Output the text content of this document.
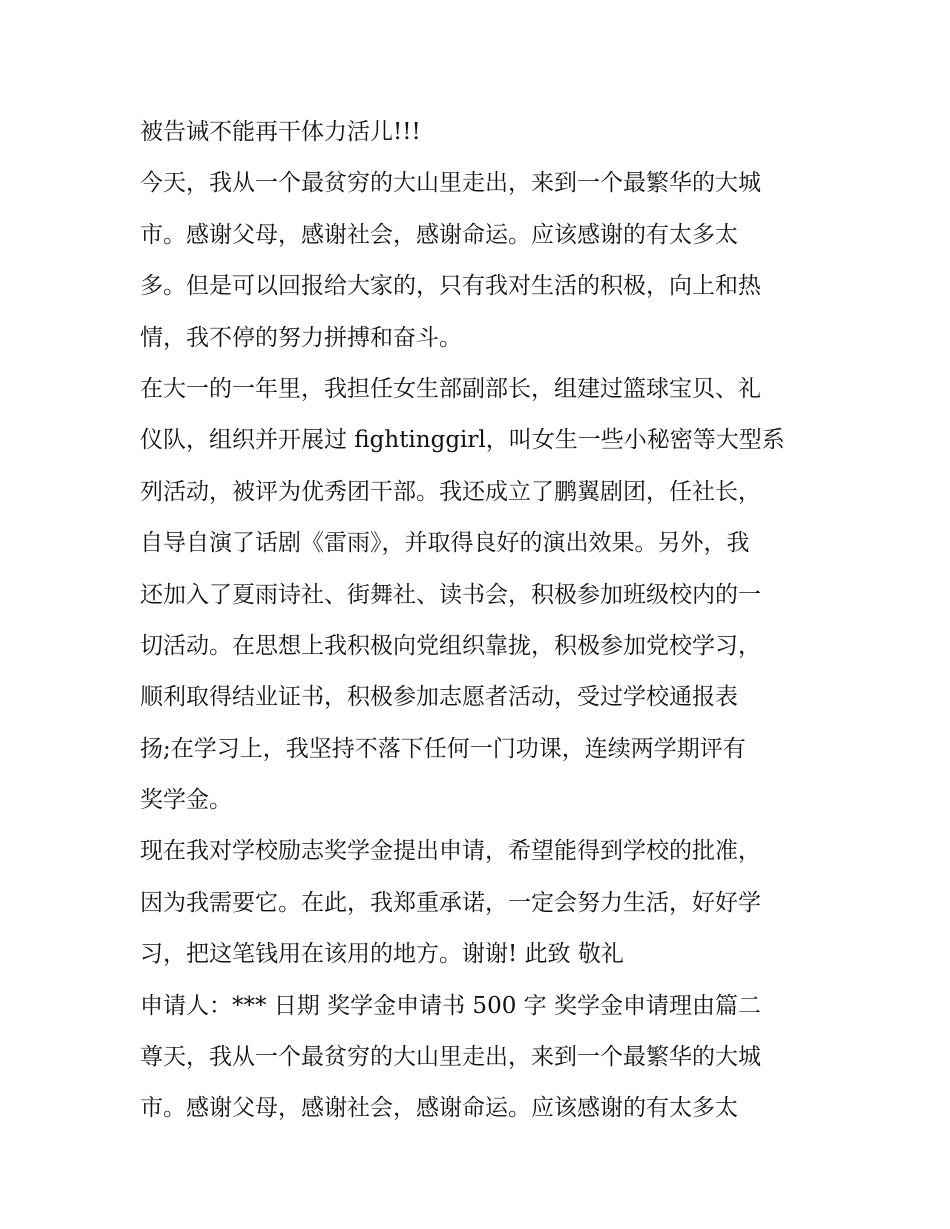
被告诫不能再干体力活儿!!!
今天，我从一个最贫穷的大山里走出，来到一个最繁华的大城
市。感谢父母，感谢社会，感谢命运。应该感谢的有太多太
多。但是可以回报给大家的，只有我对生活的积极，向上和热
情，我不停的努力拼搏和奋斗。
在大一的一年里，我担任女生部副部长，组建过篮球宝贝、礼
仪队，组织并开展过 fightinggirl，叫女生一些小秘密等大型系
列活动，被评为优秀团干部。我还成立了鹏翼剧团，任社长，
自导自演了话剧《雷雨》，并取得良好的演出效果。另外，我
还加入了夏雨诗社、街舞社、读书会，积极参加班级校内的一
切活动。在思想上我积极向党组织靠拢，积极参加党校学习，
顺利取得结业证书，积极参加志愿者活动，受过学校通报表
扬;在学习上，我坚持不落下任何一门功课，连续两学期评有
奖学金。
现在我对学校励志奖学金提出申请，希望能得到学校的批准，
因为我需要它。在此，我郑重承诺，一定会努力生活，好好学
习，把这笔钱用在该用的地方。谢谢! 此致 敬礼
申请人：*** 日期 奖学金申请书 500 字 奖学金申请理由篇二
尊天，我从一个最贫穷的大山里走出，来到一个最繁华的大城
市。感谢父母，感谢社会，感谢命运。应该感谢的有太多太
